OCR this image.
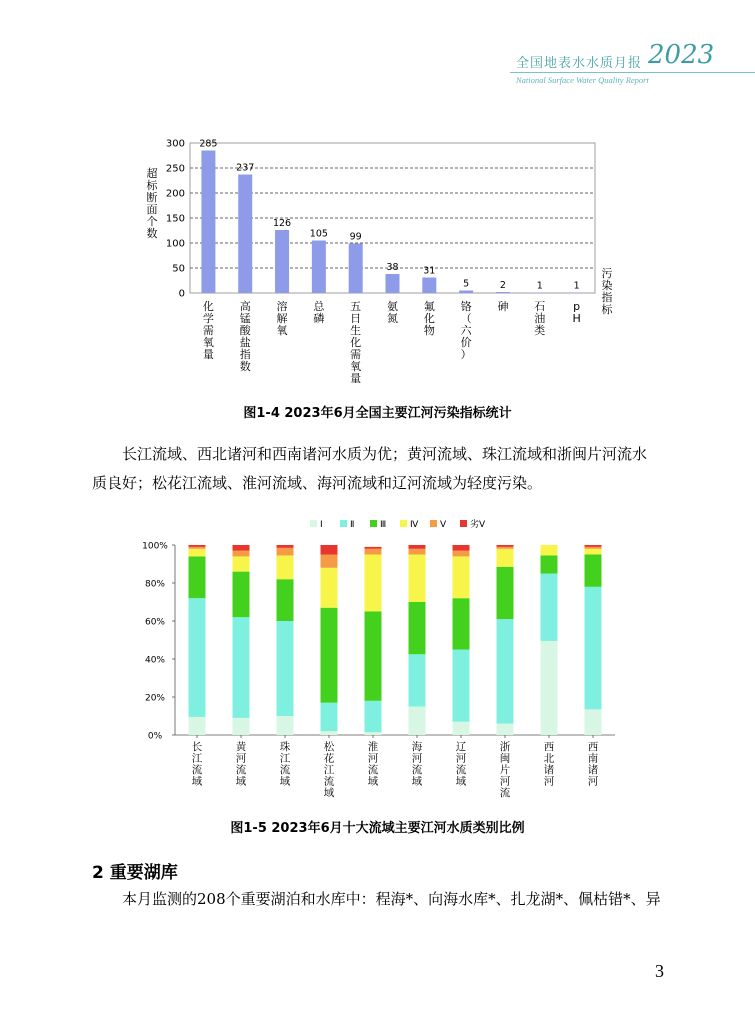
全国地表水水质月报 2023
National Surface Water Quality Report
285
237
126
105 99
38	31
5	2	1	1
0
50
100
150
200
250
300
化学需氧量
高锰酸盐指数
溶解氧
总磷
五日生化需氧量
氨氮
氟化物
铬（六价）
砷 石油类
p H
超标断面个数
污染指标
图1-4 2023年6月全国主要江河污染指标统计
长江流域、西北诸河和西南诸河水质为优；黄河流域、珠江流域和浙闽片河流水
质良好；松花江流域、淮河流域、海河流域和辽河流域为轻度污染。
Ⅰ	Ⅱ	Ⅲ	Ⅳ Ⅴ	劣Ⅴ
0%
20%
40%
60%
80%
100%
长江流域
黄河流域
珠江流域
松花江流域
淮河流域
海河流域
辽河流域
浙闽片河流
西北诸河
西南诸河
图1-5 2023年6月十大流域主要江河水质类别比例
2 重要湖库
本月监测的208个重要湖泊和水库中：程海*、向海水库*、扎龙湖*、佩枯错*、异
3
